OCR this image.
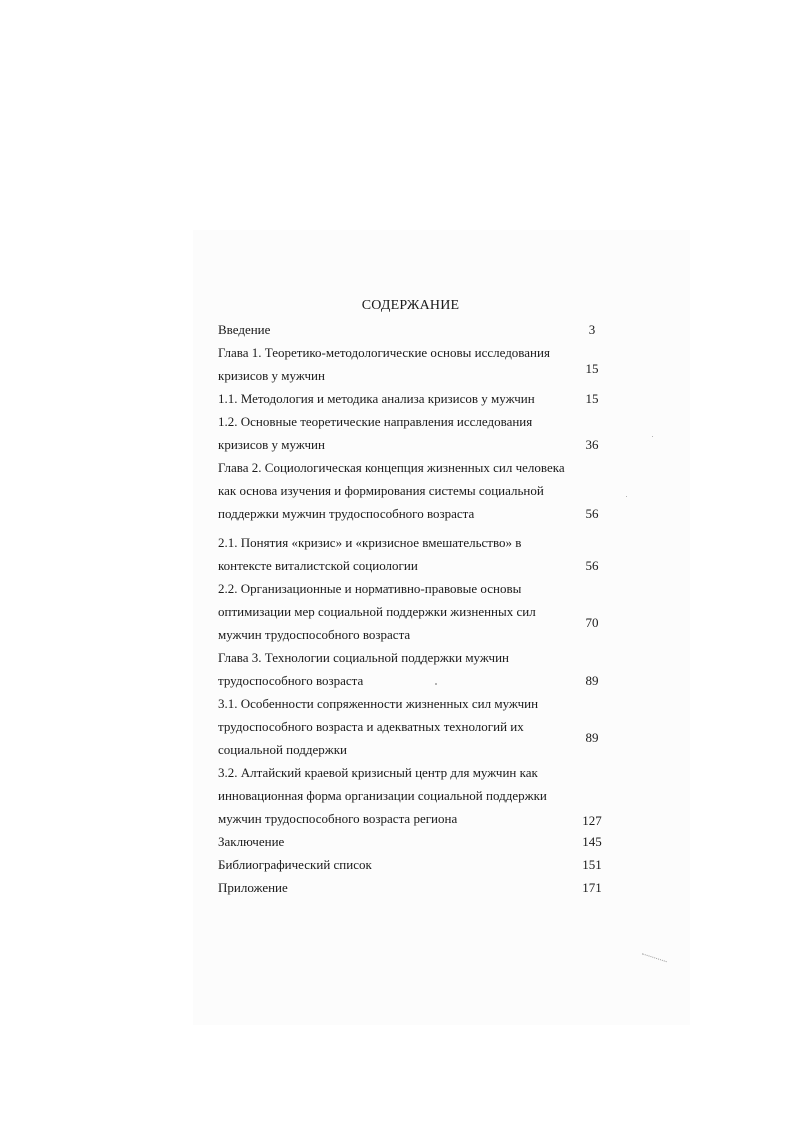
СОДЕРЖАНИЕ
Введение
Глава 1. Теоретико-методологические основы исследования
кризисов у мужчин
1.1. Методология и методика анализа кризисов у мужчин
1.2. Основные теоретические направления исследования
кризисов у мужчин
Глава 2. Социологическая концепция жизненных сил человека
как основа изучения и формирования системы социальной
поддержки мужчин трудоспособного возраста
2.1. Понятия «кризис» и «кризисное вмешательство» в
контексте виталистской социологии
2.2. Организационные и нормативно-правовые основы
оптимизации мер социальной поддержки жизненных сил
мужчин трудоспособного возраста
Глава 3. Технологии социальной поддержки мужчин
трудоспособного возраста
3.1. Особенности сопряженности жизненных сил мужчин
трудоспособного возраста и адекватных технологий их
социальной поддержки
3.2. Алтайский краевой кризисный центр для мужчин как
инновационная форма организации социальной поддержки
мужчин трудоспособного возраста региона
Заключение
Библиографический список
Приложение
3
15
15
36
56
56
70
89
89
127
145
151
171
